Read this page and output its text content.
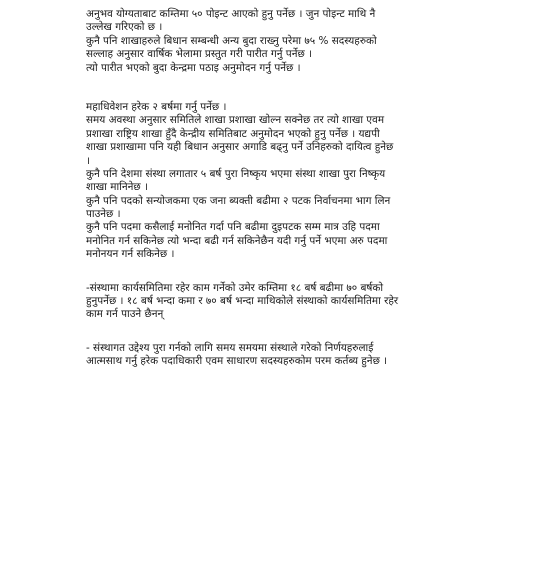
अनुभव योग्यताबाट कम्तिमा ५० पोइन्ट आएको हुनु पर्नेछ । जुन पोइन्ट माथि नै
उल्लेख गरिएको छ ।
कुनै पनि शाखाहरुले बिधान सम्बन्धी अन्य बुदा राख्नु परेमा ७५ % सदस्यहरुको
सल्लाह अनुसार वार्षिक भेलामा प्रस्तुत गरी पारीत गर्नु पर्नेछ ।
त्यो पारीत भएको बुदा केन्द्रमा पठाइ अनुमोदन गर्नु पर्नेछ ।
महाधिवेशन हरेक २ बर्षमा गर्नु पर्नेछ ।
समय अवस्था अनुसार समितिले शाखा प्रशाखा खोल्न सक्नेछ तर त्यो शाखा एवम
प्रशाखा राष्ट्रिय शाखा हुँदै केन्द्रीय समितिबाट अनुमोदन भएको हुनु पर्नेछ । यद्यपी
शाखा प्रशाखामा पनि यही बिधान अनुसार अगाडि बढ्नु पर्ने उनिहरुको दायित्व हुनेछ
।
कुनै पनि देशमा संस्था लगातार ५ बर्ष पुरा निष्कृय भएमा संस्था शाखा पुरा निष्कृय
शाखा मानिनेछ ।
कुनै पनि पदको सन्योजकमा एक जना ब्यक्ती बढीमा २ पटक निर्वाचनमा भाग लिन
पाउनेछ ।
कुनै पनि पदमा कसैलाई मनोनित गर्दा पनि बढीमा दुइपटक सम्म मात्र उहि पदमा
मनोनित गर्न सकिनेछ त्यो भन्दा बढी गर्न सकिनेछैन यदी गर्नु पर्ने भएमा अरु पदमा
मनोनयन गर्न सकिनेछ ।
-संस्थामा कार्यसमितिमा रहेर काम गर्नेको उमेर कम्तिमा १८ बर्ष बढीमा ७० बर्षको
हुनुपर्नेछ । १८ बर्ष भन्दा कमा र ७० बर्ष भन्दा माथिकोले संस्थाको कार्यसमितिमा रहेर
काम गर्न पाउने छैनन्
- संस्थागत उद्देश्य पुरा गर्नको लागि समय समयमा संस्थाले गरेको निर्णयहरुलाई
आत्मसाथ गर्नु हरेक पदाधिकारी एवम साधारण सदस्यहरुकोम परम कर्तब्य हुनेछ ।
